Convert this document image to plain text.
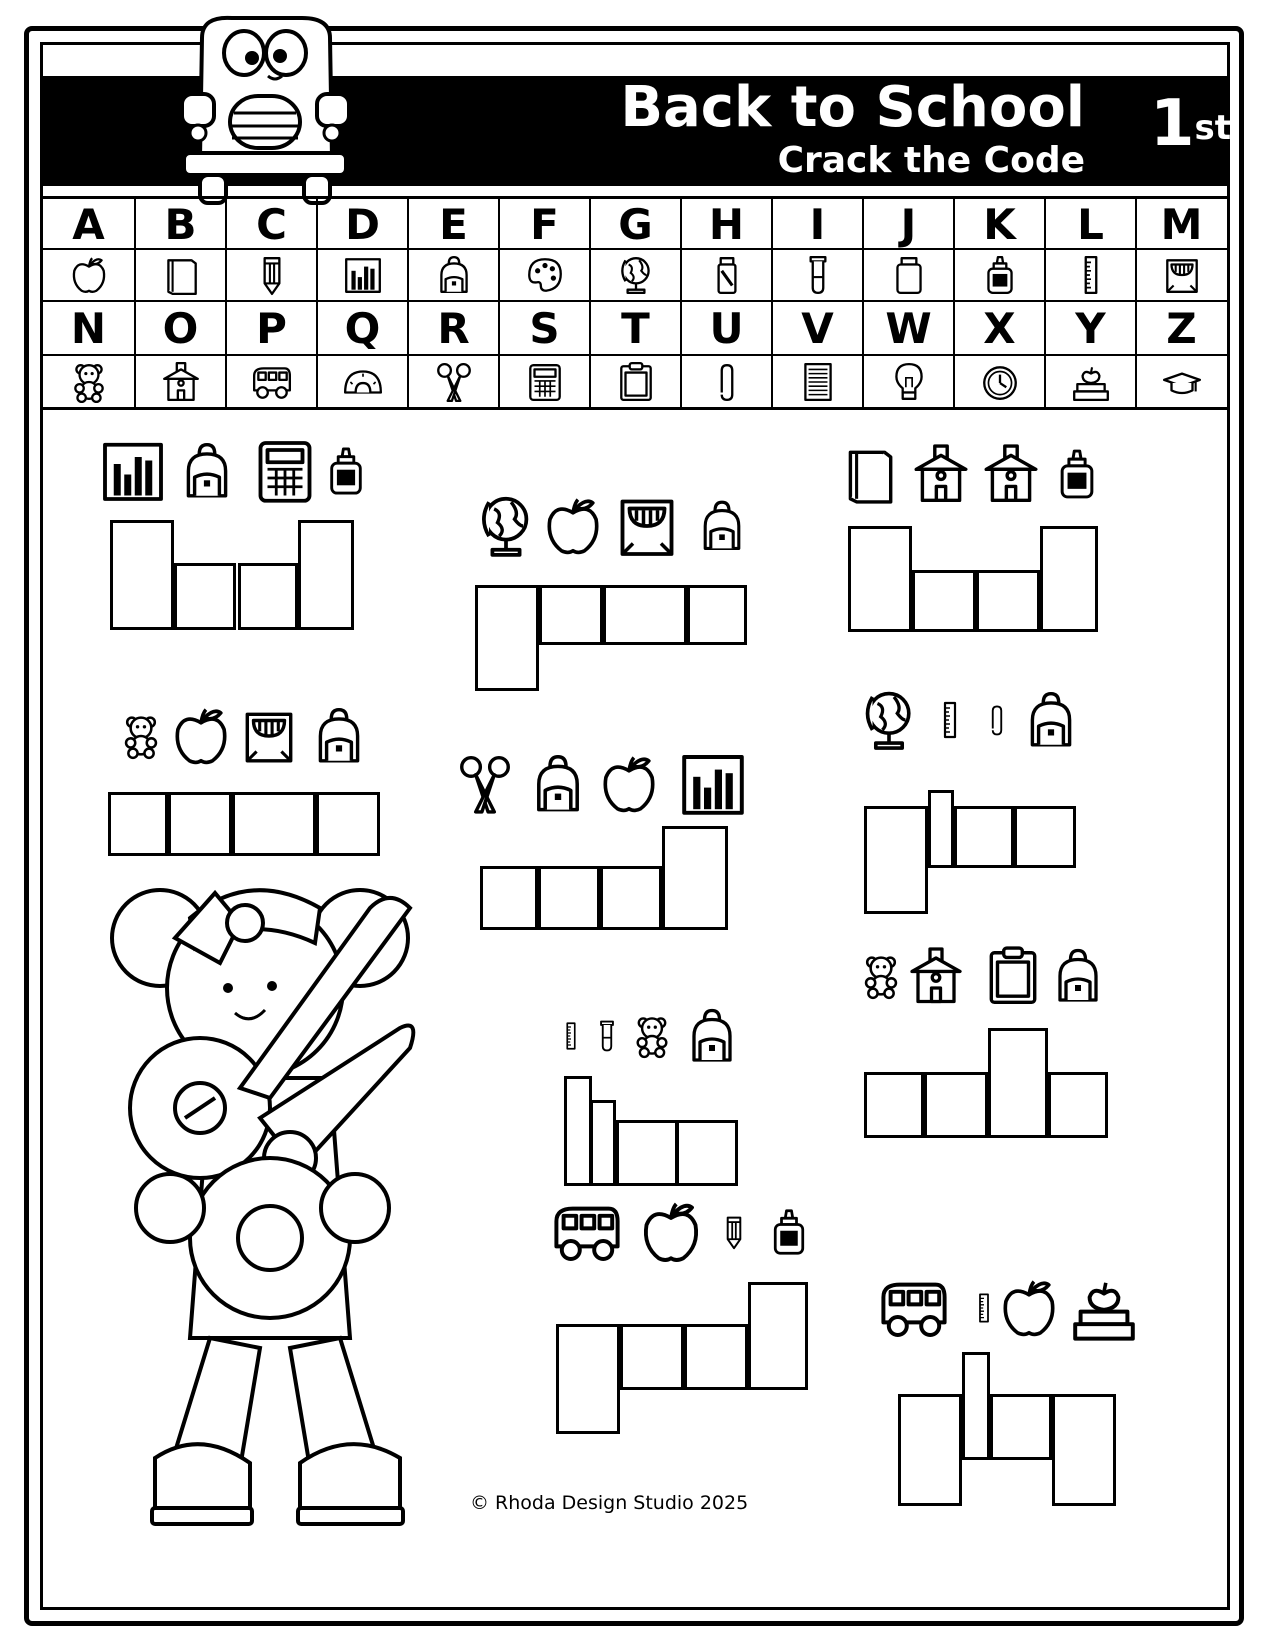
Back to School
Crack the Code 1st
A B C D E F G H I J K L M
N O P Q R S T U V W X Y Z
© Rhoda Design Studio 2025
